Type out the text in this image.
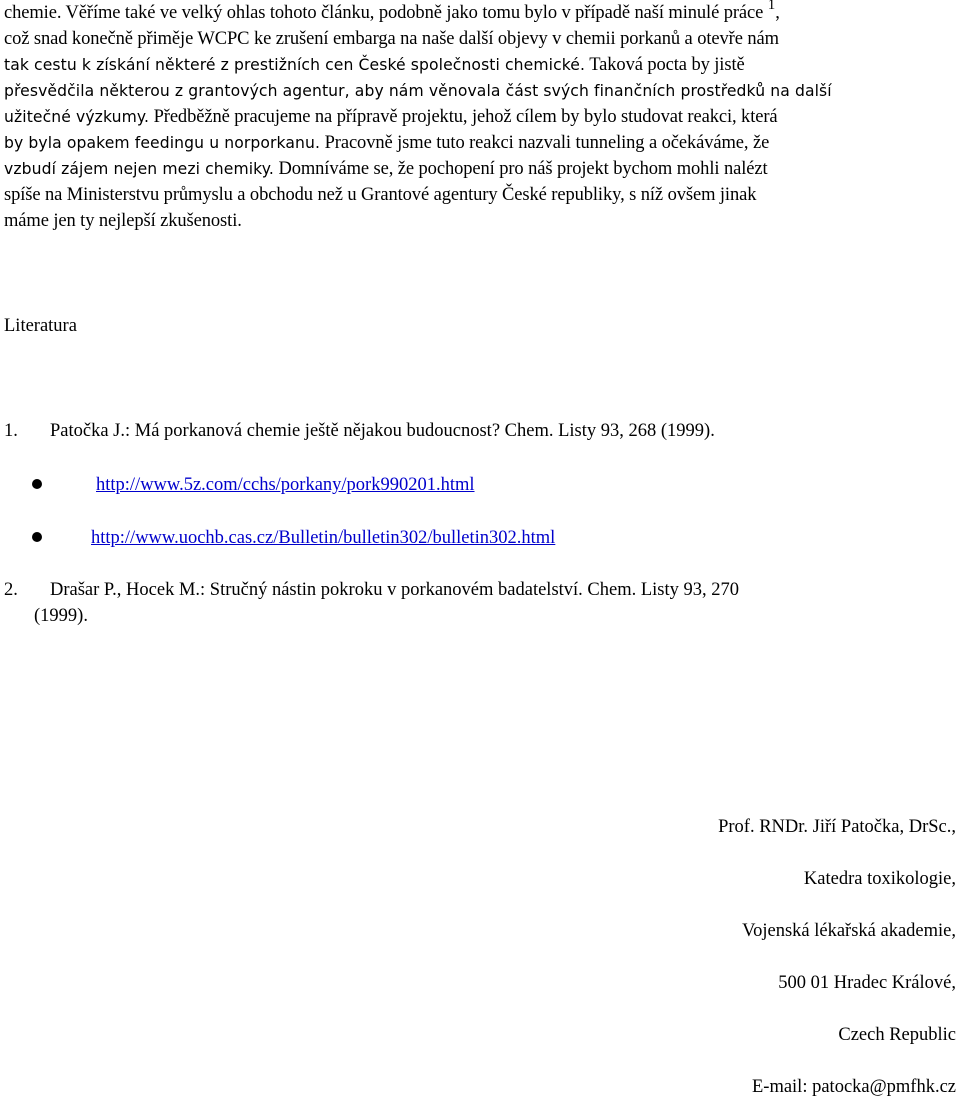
chemie. Věříme také ve velký ohlas tohoto článku, podobně jako tomu bylo v případě naší minulé práce $^1$,
což snad konečně přiměje WCPC ke zrušení embarga na naše další objevy v chemii porkanů a otevře nám
tak cestu k získání některé z prestižních cen České společnosti chemické. Taková pocta by jistě
přesvědčila některou z grantových agentur, aby nám věnovala část svých finančních prostředků na další
užitečné výzkumy. Předběžně pracujeme na přípravě projektu, jehož cílem by bylo studovat reakci, která
by byla opakem feedingu u norporkanu. Pracovně jsme tuto reakci nazvali tunneling a očekáváme, že
vzbudí zájem nejen mezi chemiky. Domníváme se, že pochopení pro náš projekt bychom mohli nalézt
spíše na Ministerstvu průmyslu a obchodu než u Grantové agentury České republiky, s níž ovšem jinak
máme jen ty nejlepší zkušenosti.
Literatura
1. Patočka J.: Má porkanová chemie ještě nějakou budoucnost? Chem. Listy 93, 268 (1999).
http://www.5z.com/cchs/porkany/pork990201.html
http://www.uochb.cas.cz/Bulletin/bulletin302/bulletin302.html
2. Drašar P., Hocek M.: Stručný nástin pokroku v porkanovém badatelství. Chem. Listy 93, 270
(1999).
Prof. RNDr. Jiří Patočka, DrSc.,
Katedra toxikologie,
Vojenská lékařská akademie,
500 01 Hradec Králové,
Czech Republic
E-mail: patocka@pmfhk.cz
